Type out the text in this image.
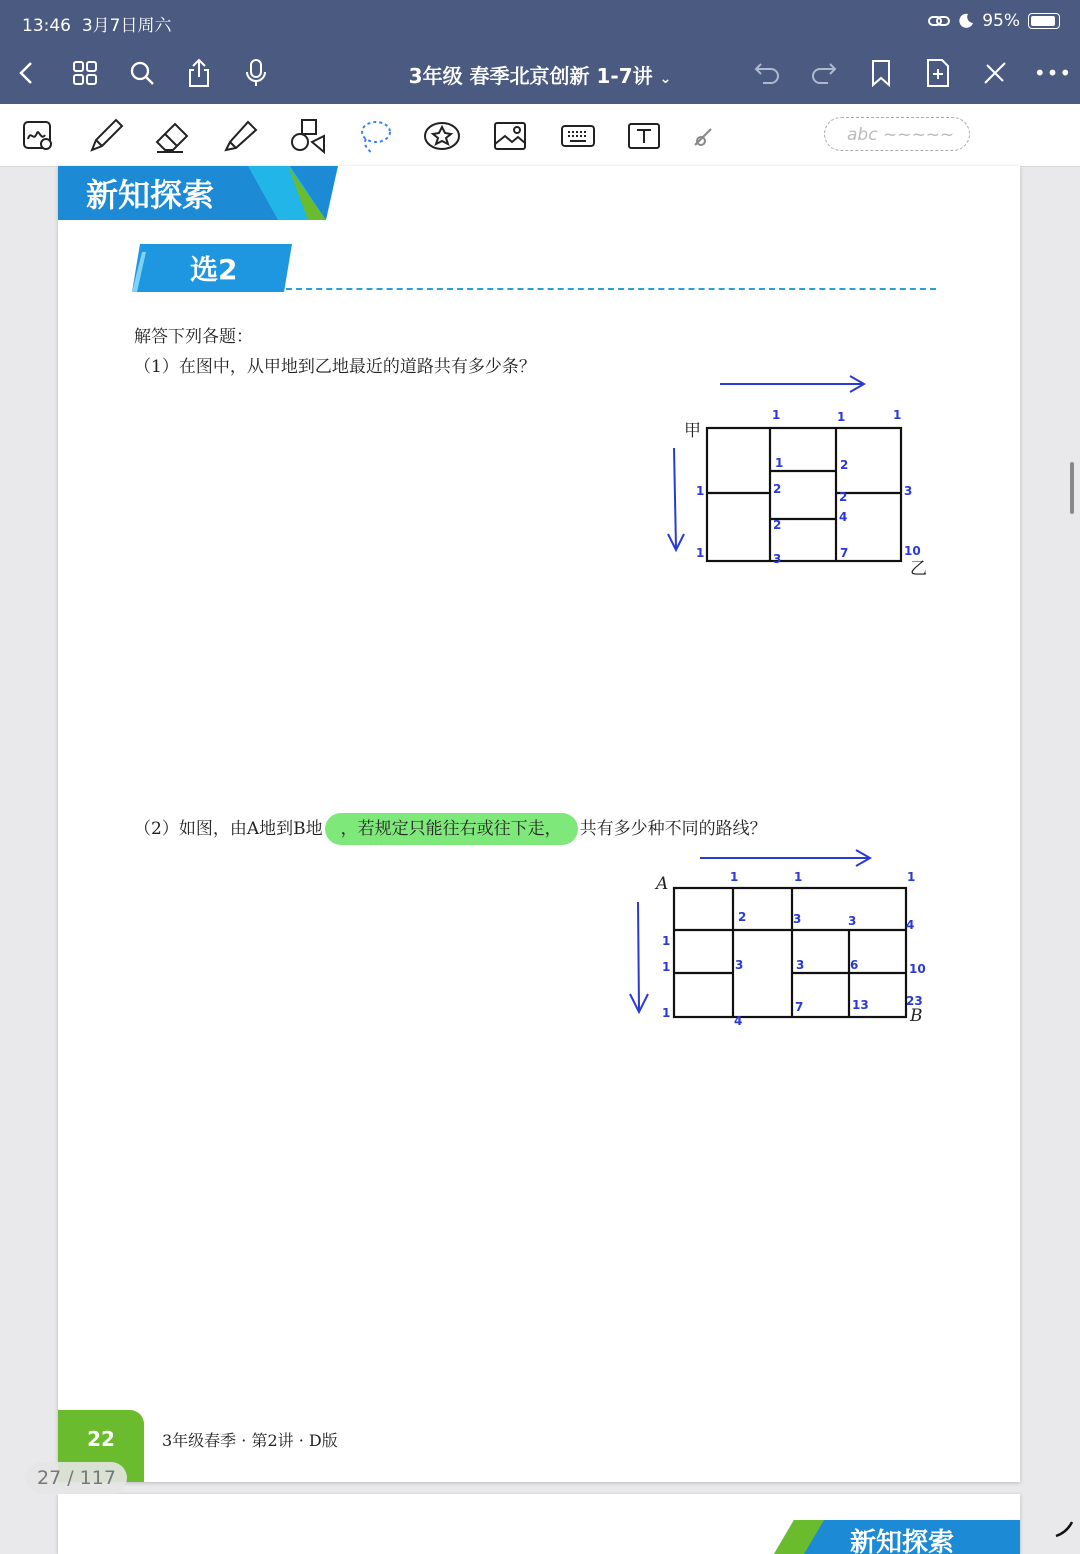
13:46 3月7日周六	95%
3年级 春季北京创新 1-7讲 ⌄	•••
abc ~~~~~
新知探索
选2
解答下列各题：
（1）在图中，从甲地到乙地最近的道路共有多少条？
甲
乙
1	1	1
1
1
1	2
2
2
2
4
3
3	7	10
（2）如图，由A地到B地 ，若规定只能往右或往下走， 共有多少种不同的路线？
A
B
1	1	1
1
1
1
2	3	3	4
3	3	6	10
4
7	13	23
22	3年级春季 · 第2讲 · D版
新知探索
27 / 117
